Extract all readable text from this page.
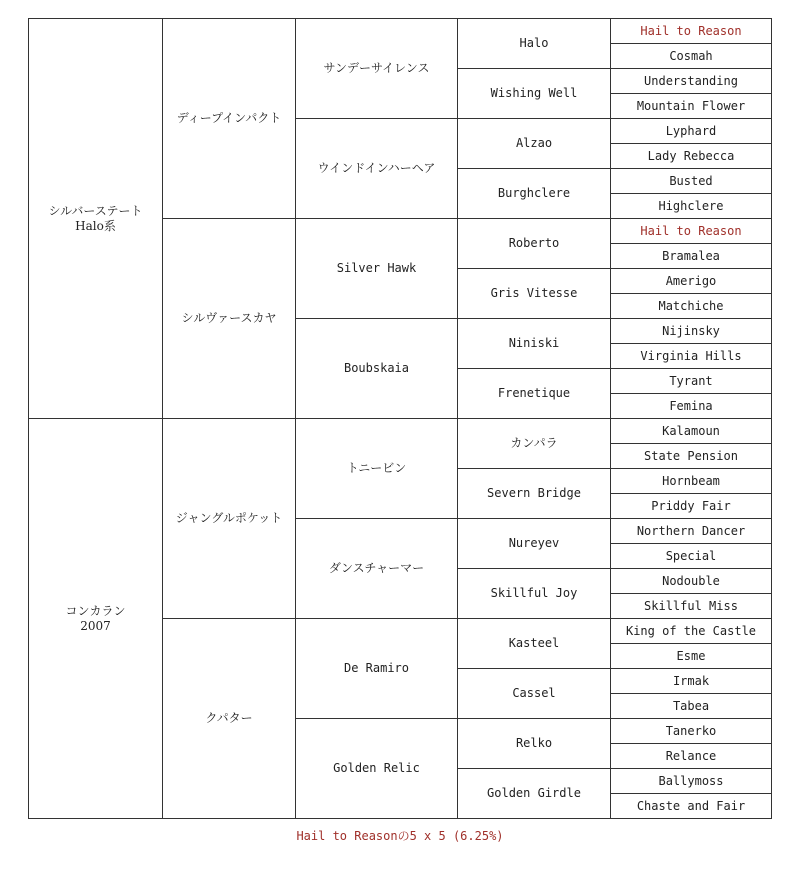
シルバーステート
Halo系	ディープインパクト	サンデーサイレンス	Halo	Hail to Reason
				Cosmah
			Wishing Well	Understanding
				Mountain Flower
		ウインドインハーヘア	Alzao	Lyphard
				Lady Rebecca
			Burghclere	Busted
				Highclere
	シルヴァースカヤ	Silver Hawk	Roberto	Hail to Reason
				Bramalea
			Gris Vitesse	Amerigo
				Matchiche
		Boubskaia	Niniski	Nijinsky
				Virginia Hills
			Frenetique	Tyrant
				Femina

コンカラン
2007	ジャングルポケット	トニービン	カンパラ	Kalamoun
				State Pension
			Severn Bridge	Hornbeam
				Priddy Fair
		ダンスチャーマー	Nureyev	Northern Dancer
				Special
			Skillful Joy	Nodouble
				Skillful Miss
	クパター	De Ramiro	Kasteel	King of the Castle
				Esme
			Cassel	Irmak
				Tabea
		Golden Relic	Relko	Tanerko
				Relance
			Golden Girdle	Ballymoss
				Chaste and Fair
Hail to Reasonの5 x 5 (6.25%)
